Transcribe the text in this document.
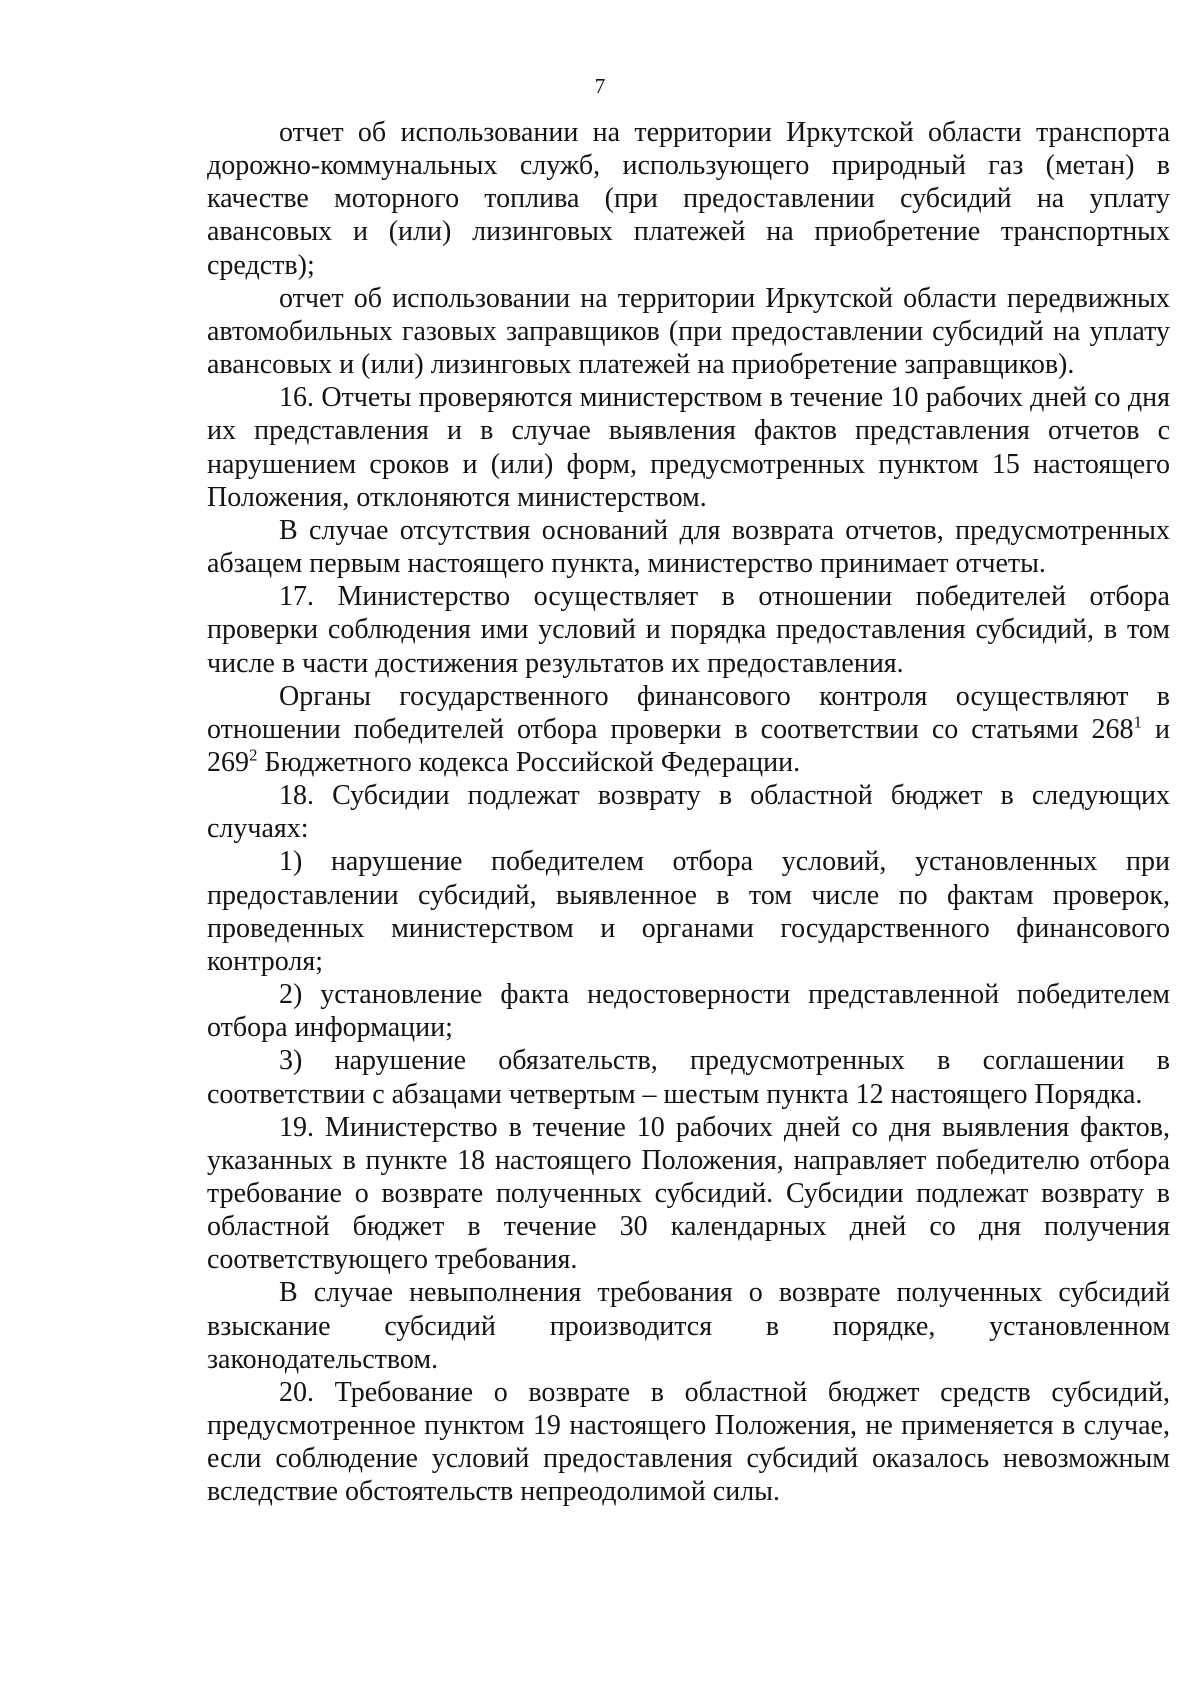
7

отчет об использовании на территории Иркутской области транспорта дорожно-коммунальных служб, использующего природный газ (метан) в качестве моторного топлива (при предоставлении субсидий на уплату авансовых и (или) лизинговых платежей на приобретение транспортных средств);

отчет об использовании на территории Иркутской области передвижных автомобильных газовых заправщиков (при предоставлении субсидий на уплату авансовых и (или) лизинговых платежей на приобретение заправщиков).

16. Отчеты проверяются министерством в течение 10 рабочих дней со дня их представления и в случае выявления фактов представления отчетов с нарушением сроков и (или) форм, предусмотренных пунктом 15 настоящего Положения, отклоняются министерством.

В случае отсутствия оснований для возврата отчетов, предусмотренных абзацем первым настоящего пункта, министерство принимает отчеты.

17. Министерство осуществляет в отношении победителей отбора проверки соблюдения ими условий и порядка предоставления субсидий, в том числе в части достижения результатов их предоставления.

Органы государственного финансового контроля осуществляют в отношении победителей отбора проверки в соответствии со статьями $268^1$ и $269^2$ Бюджетного кодекса Российской Федерации.

18. Субсидии подлежат возврату в областной бюджет в следующих случаях:

1) нарушение победителем отбора условий, установленных при предоставлении субсидий, выявленное в том числе по фактам проверок, проведенных министерством и органами государственного финансового контроля;

2) установление факта недостоверности представленной победителем отбора информации;

3) нарушение обязательств, предусмотренных в соглашении в соответствии с абзацами четвертым – шестым пункта 12 настоящего Порядка.

19. Министерство в течение 10 рабочих дней со дня выявления фактов, указанных в пункте 18 настоящего Положения, направляет победителю отбора требование о возврате полученных субсидий. Субсидии подлежат возврату в областной бюджет в течение 30 календарных дней со дня получения соответствующего требования.

В случае невыполнения требования о возврате полученных субсидий взыскание субсидий производится в порядке, установленном законодательством.

20. Требование о возврате в областной бюджет средств субсидий, предусмотренное пунктом 19 настоящего Положения, не применяется в случае, если соблюдение условий предоставления субсидий оказалось невозможным вследствие обстоятельств непреодолимой силы.
